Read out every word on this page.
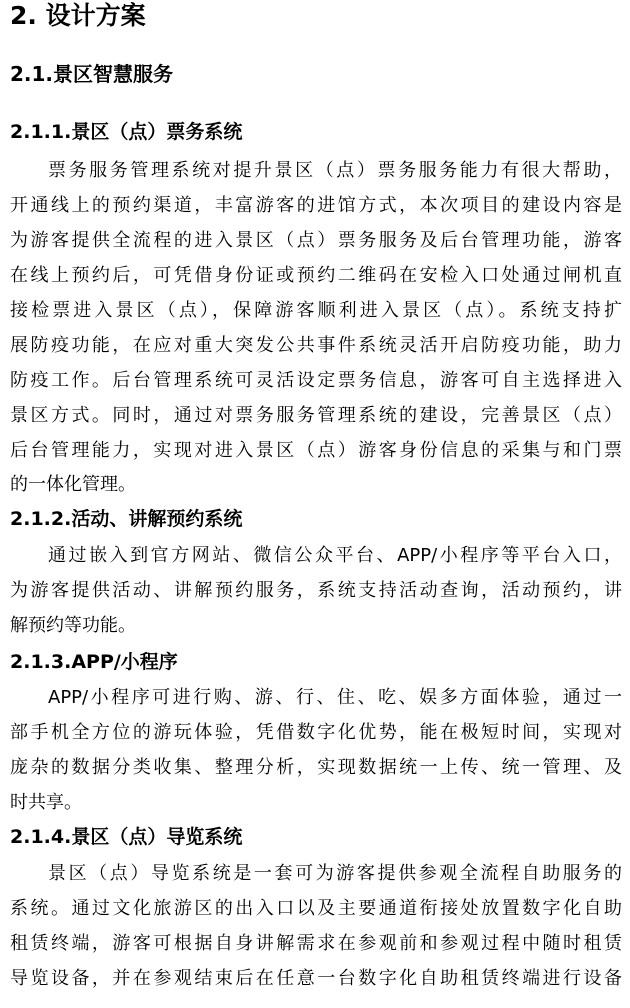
2. 设计方案
2.1.景区智慧服务
2.1.1.景区（点）票务系统

票务服务管理系统对提升景区（点）票务服务能力有很大帮助，

开通线上的预约渠道，丰富游客的进馆方式，本次项目的建设内容是

为游客提供全流程的进入景区（点）票务服务及后台管理功能，游客

在线上预约后，可凭借身份证或预约二维码在安检入口处通过闸机直

接检票进入景区（点），保障游客顺利进入景区（点）。系统支持扩

展防疫功能，在应对重大突发公共事件系统灵活开启防疫功能，助力

防疫工作。后台管理系统可灵活设定票务信息，游客可自主选择进入

景区方式。同时，通过对票务服务管理系统的建设，完善景区（点）

后台管理能力，实现对进入景区（点）游客身份信息的采集与和门票

的一体化管理。

2.1.2.活动、讲解预约系统

通过嵌入到官方网站、微信公众平台、APP/小程序等平台入口，

为游客提供活动、讲解预约服务，系统支持活动查询，活动预约，讲

解预约等功能。

2.1.3.APP/小程序

APP/小程序可进行购、游、行、住、吃、娱多方面体验，通过一

部手机全方位的游玩体验，凭借数字化优势，能在极短时间，实现对

庞杂的数据分类收集、整理分析，实现数据统一上传、统一管理、及

时共享。

2.1.4.景区（点）导览系统

景区（点）导览系统是一套可为游客提供参观全流程自助服务的

系统。通过文化旅游区的出入口以及主要通道衔接处放置数字化自助

租赁终端，游客可根据自身讲解需求在参观前和参观过程中随时租赁

导览设备，并在参观结束后在任意一台数字化自助租赁终端进行设备
